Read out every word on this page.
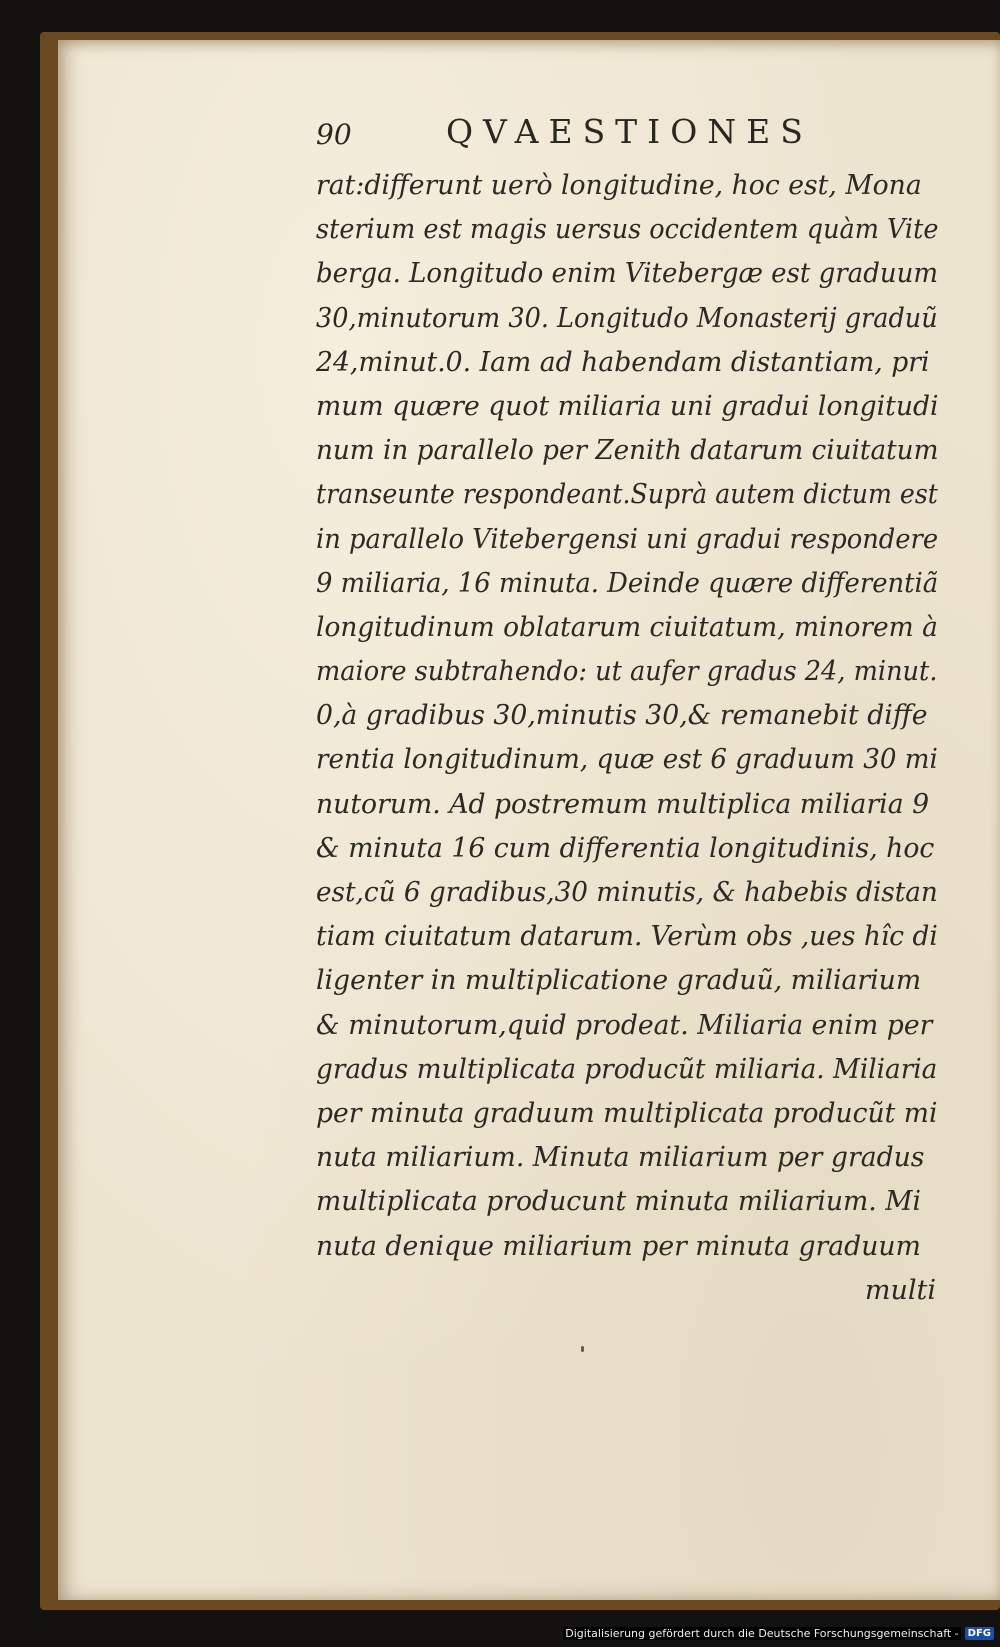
90	QVAESTIONES
rat:differunt uerò longitudine, hoc est, Mona
sterium est magis uersus occidentem quàm Vite
berga. Longitudo enim Vitebergæ est graduum
30,minutorum 30. Longitudo Monasterij graduũ
24,minut.0. Iam ad habendam distantiam, pri
mum quære quot miliaria uni gradui longitudi
num in parallelo per Zenith datarum ciuitatum
transeunte respondeant.Suprà autem dictum est
in parallelo Vitebergensi uni gradui respondere
9 miliaria, 16 minuta. Deinde quære differentiã
longitudinum oblatarum ciuitatum, minorem à
maiore subtrahendo: ut aufer gradus 24, minut.
0,à gradibus 30,minutis 30,& remanebit diffe
rentia longitudinum, quæ est 6 graduum 30 mi
nutorum. Ad postremum multiplica miliaria 9
& minuta 16 cum differentia longitudinis, hoc
est,cũ 6 gradibus,30 minutis, & habebis distan
tiam ciuitatum datarum. Verùm obs ,ues hîc di
ligenter in multiplicatione graduũ, miliarium
& minutorum,quid prodeat. Miliaria enim per
gradus multiplicata producũt miliaria. Miliaria
per minuta graduum multiplicata producũt mi
nuta miliarium. Minuta miliarium per gradus
multiplicata producunt minuta miliarium. Mi
nuta denique miliarium per minuta graduum
multi
Digitalisierung gefördert durch die Deutsche Forschungsgemeinschaft - DFG
